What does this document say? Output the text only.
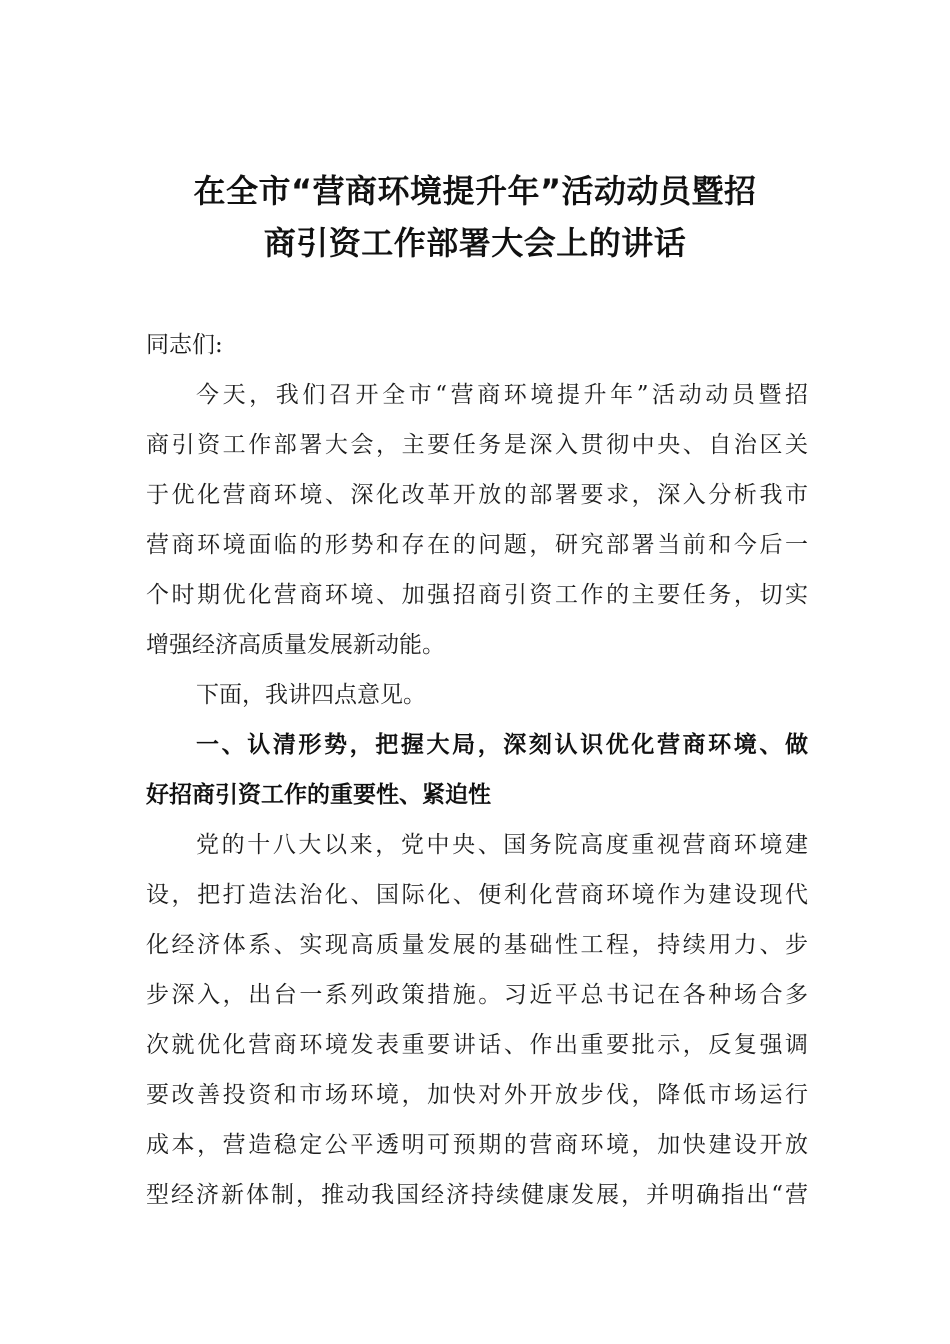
在全市“营商环境提升年”活动动员暨招
商引资工作部署大会上的讲话
同志们:
今天，我们召开全市“营商环境提升年”活动动员暨招
商引资工作部署大会，主要任务是深入贯彻中央、自治区关
于优化营商环境、深化改革开放的部署要求，深入分析我市
营商环境面临的形势和存在的问题，研究部署当前和今后一
个时期优化营商环境、加强招商引资工作的主要任务，切实
增强经济高质量发展新动能。
下面，我讲四点意见。
一、认清形势，把握大局，深刻认识优化营商环境、做
好招商引资工作的重要性、紧迫性
党的十八大以来，党中央、国务院高度重视营商环境建
设，把打造法治化、国际化、便利化营商环境作为建设现代
化经济体系、实现高质量发展的基础性工程，持续用力、步
步深入，出台一系列政策措施。习近平总书记在各种场合多
次就优化营商环境发表重要讲话、作出重要批示，反复强调
要改善投资和市场环境，加快对外开放步伐，降低市场运行
成本，营造稳定公平透明可预期的营商环境，加快建设开放
型经济新体制，推动我国经济持续健康发展，并明确指出“营
